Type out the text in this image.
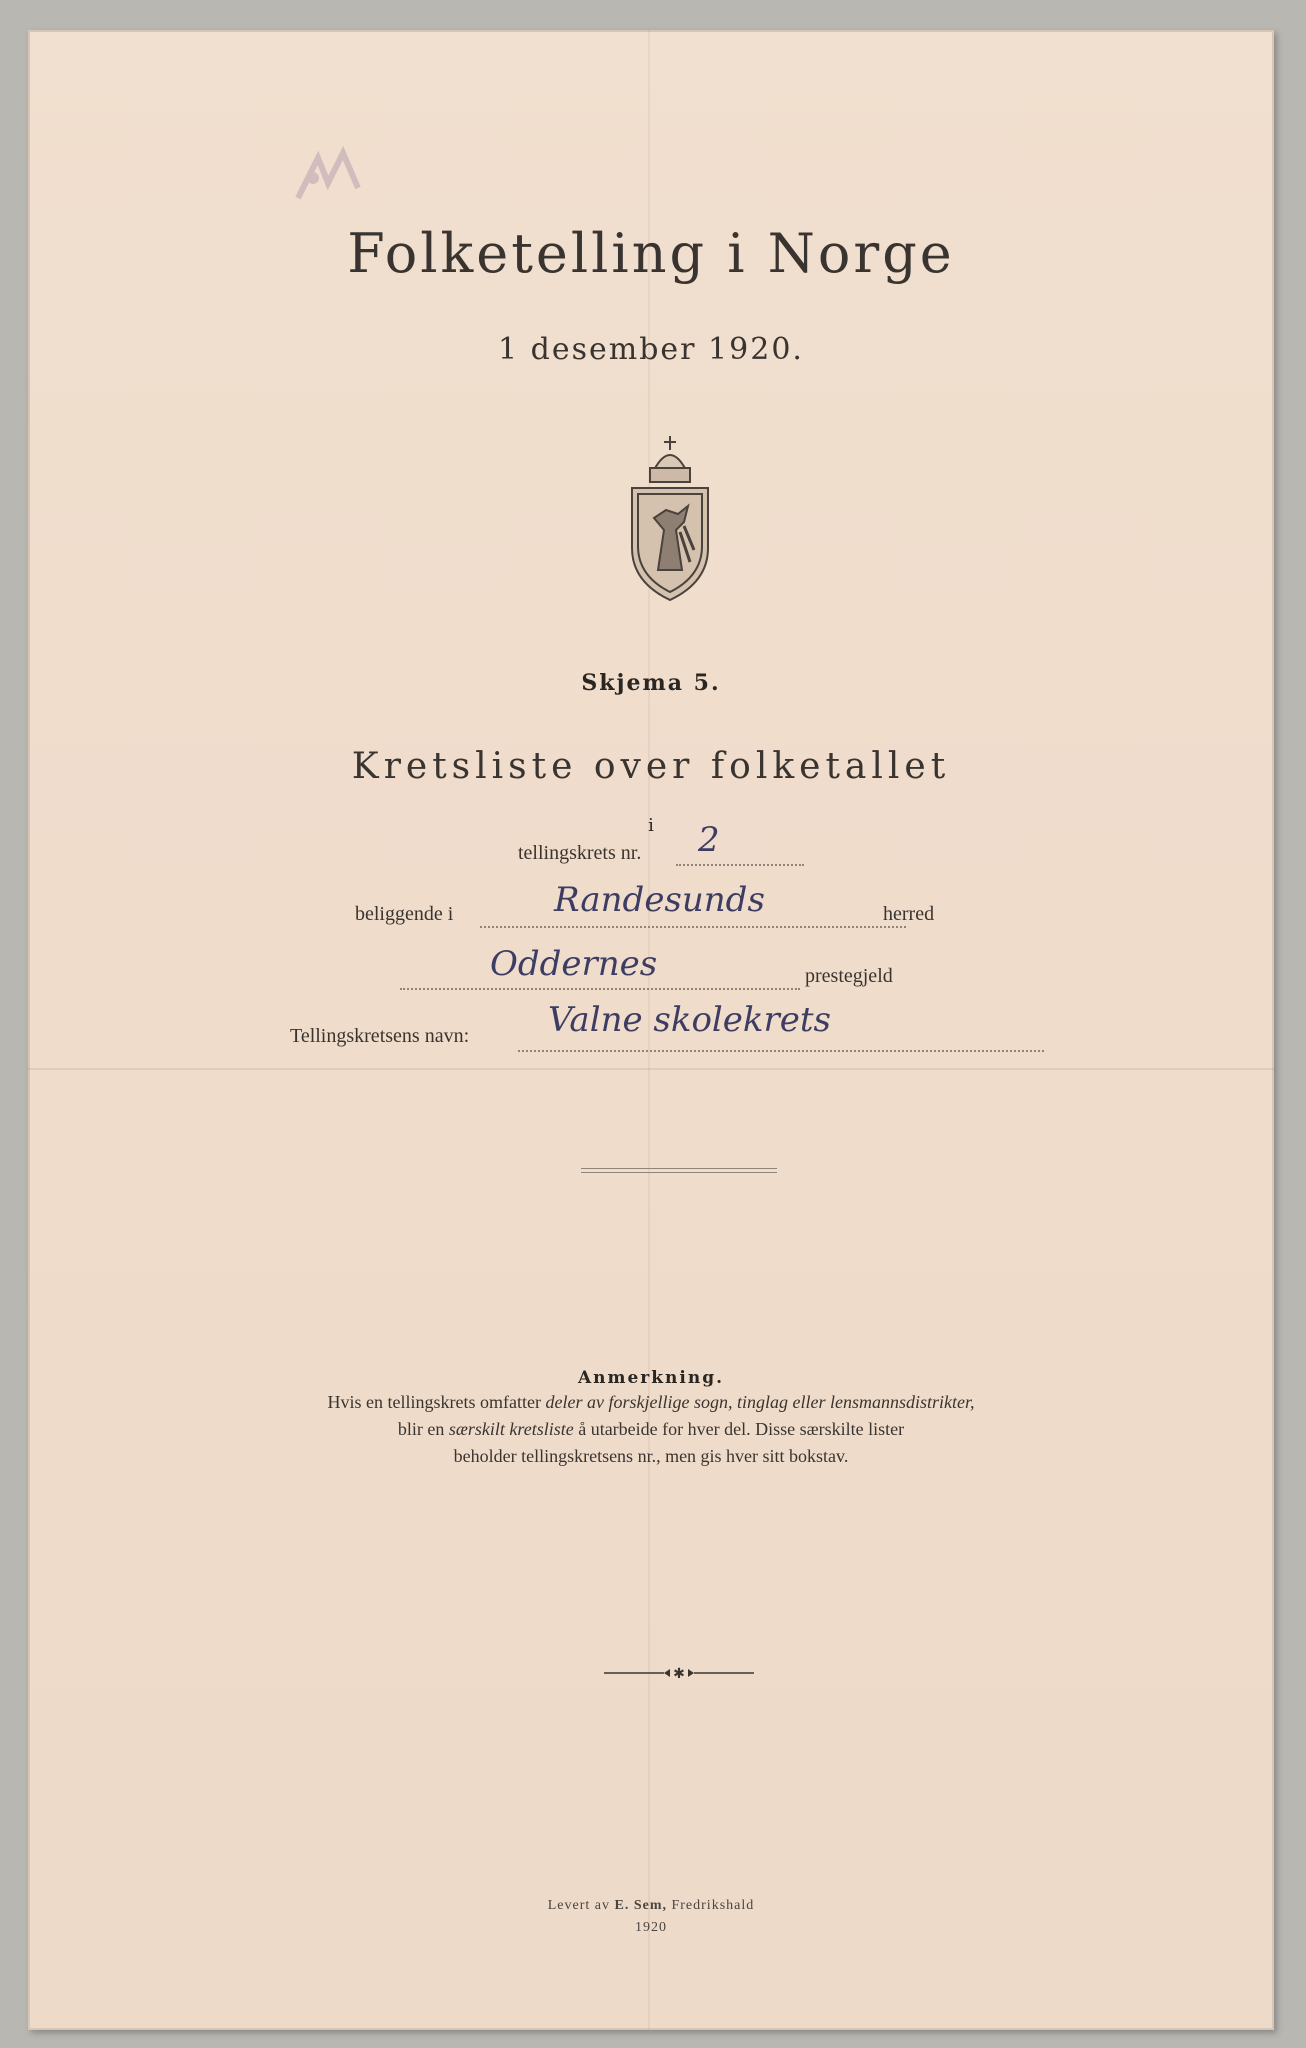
Folketelling i Norge
1 desember 1920.
Skjema 5.
Kretsliste over folketallet
i
tellingskrets nr. 2
beliggende i	Randesunds	herred
Oddernes	prestegjeld
Tellingskretsens navn: Valne skolekrets
Anmerkning.
Hvis en tellingskrets omfatter deler av forskjellige sogn, tinglag eller lensmannsdistrikter,
blir en særskilt kretsliste å utarbeide for hver del. Disse særskilte lister
beholder tellingskretsens nr., men gis hver sitt bokstav.
✱
Levert av E. Sem, Fredrikshald
1920
